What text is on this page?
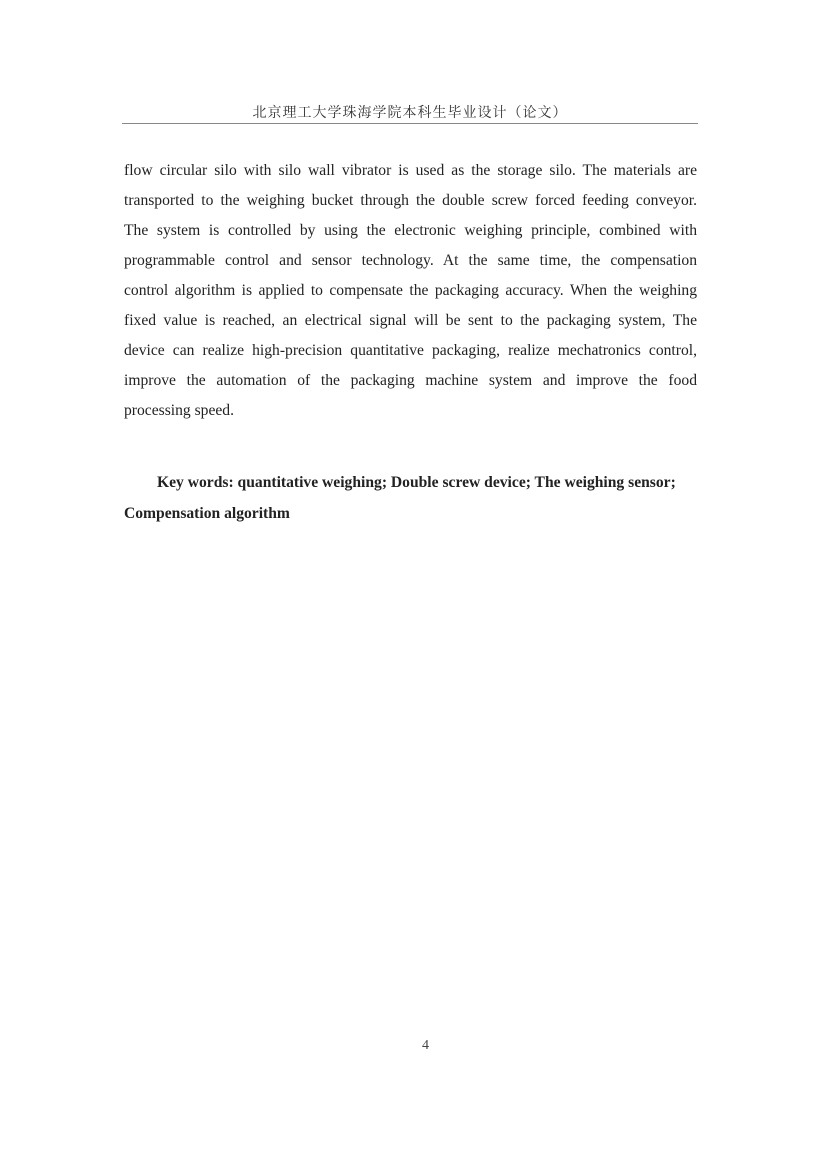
北京理工大学珠海学院本科生毕业设计（论文）
flow circular silo with silo wall vibrator is used as the storage silo. The materials are
transported to the weighing bucket through the double screw forced feeding conveyor.
The system is controlled by using the electronic weighing principle, combined with
programmable control and sensor technology. At the same time, the compensation
control algorithm is applied to compensate the packaging accuracy. When the weighing
fixed value is reached, an electrical signal will be sent to the packaging system, The
device can realize high-precision quantitative packaging, realize mechatronics control,
improve the automation of the packaging machine system and improve the food
processing speed.
Key words: quantitative weighing; Double screw device; The weighing sensor;
Compensation algorithm
4
